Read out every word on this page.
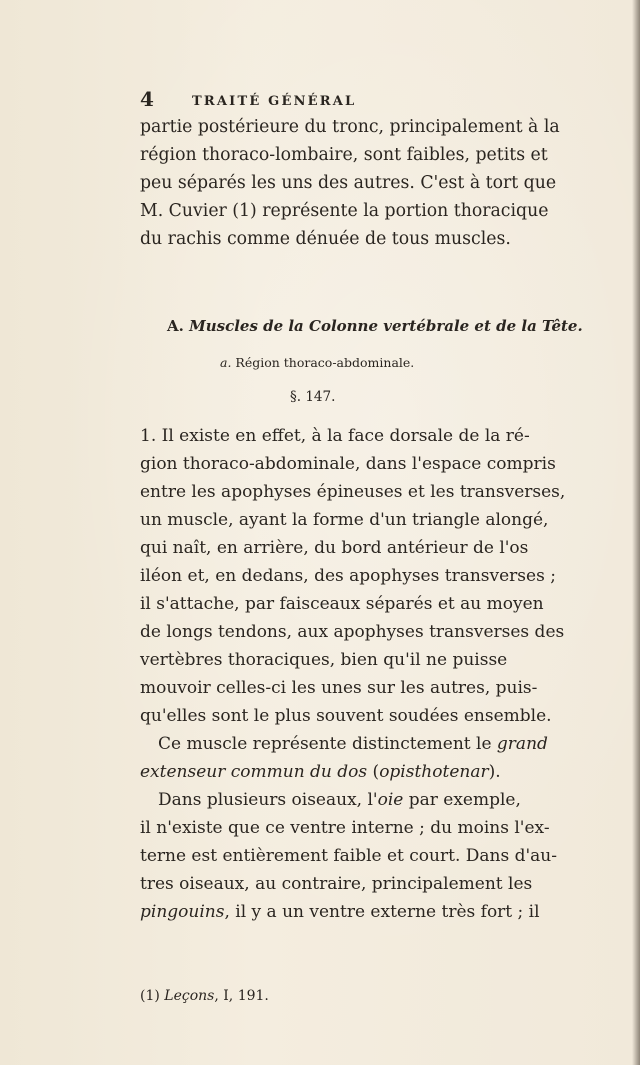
4	TRAITÉ GÉNÉRAL
partie postérieure du tronc, principalement à la
région thoraco-lombaire, sont faibles, petits et
peu séparés les uns des autres. C'est à tort que
M. Cuvier (1) représente la portion thoracique
du rachis comme dénuée de tous muscles.
A. Muscles de la Colonne vertébrale et de la Tête.
a. Région thoraco-abdominale.
§. 147.
1. Il existe en effet, à la face dorsale de la ré-
gion thoraco-abdominale, dans l'espace compris
entre les apophyses épineuses et les transverses,
un muscle, ayant la forme d'un triangle alongé,
qui naît, en arrière, du bord antérieur de l'os
iléon et, en dedans, des apophyses transverses ;
il s'attache, par faisceaux séparés et au moyen
de longs tendons, aux apophyses transverses des
vertèbres thoraciques, bien qu'il ne puisse
mouvoir celles-ci les unes sur les autres, puis-
qu'elles sont le plus souvent soudées ensemble.
Ce muscle représente distinctement le grand
extenseur commun du dos (opisthotenar).
Dans plusieurs oiseaux, l'oie par exemple,
il n'existe que ce ventre interne ; du moins l'ex-
terne est entièrement faible et court. Dans d'au-
tres oiseaux, au contraire, principalement les
pingouins, il y a un ventre externe très fort ; il
(1) Leçons, I, 191.
